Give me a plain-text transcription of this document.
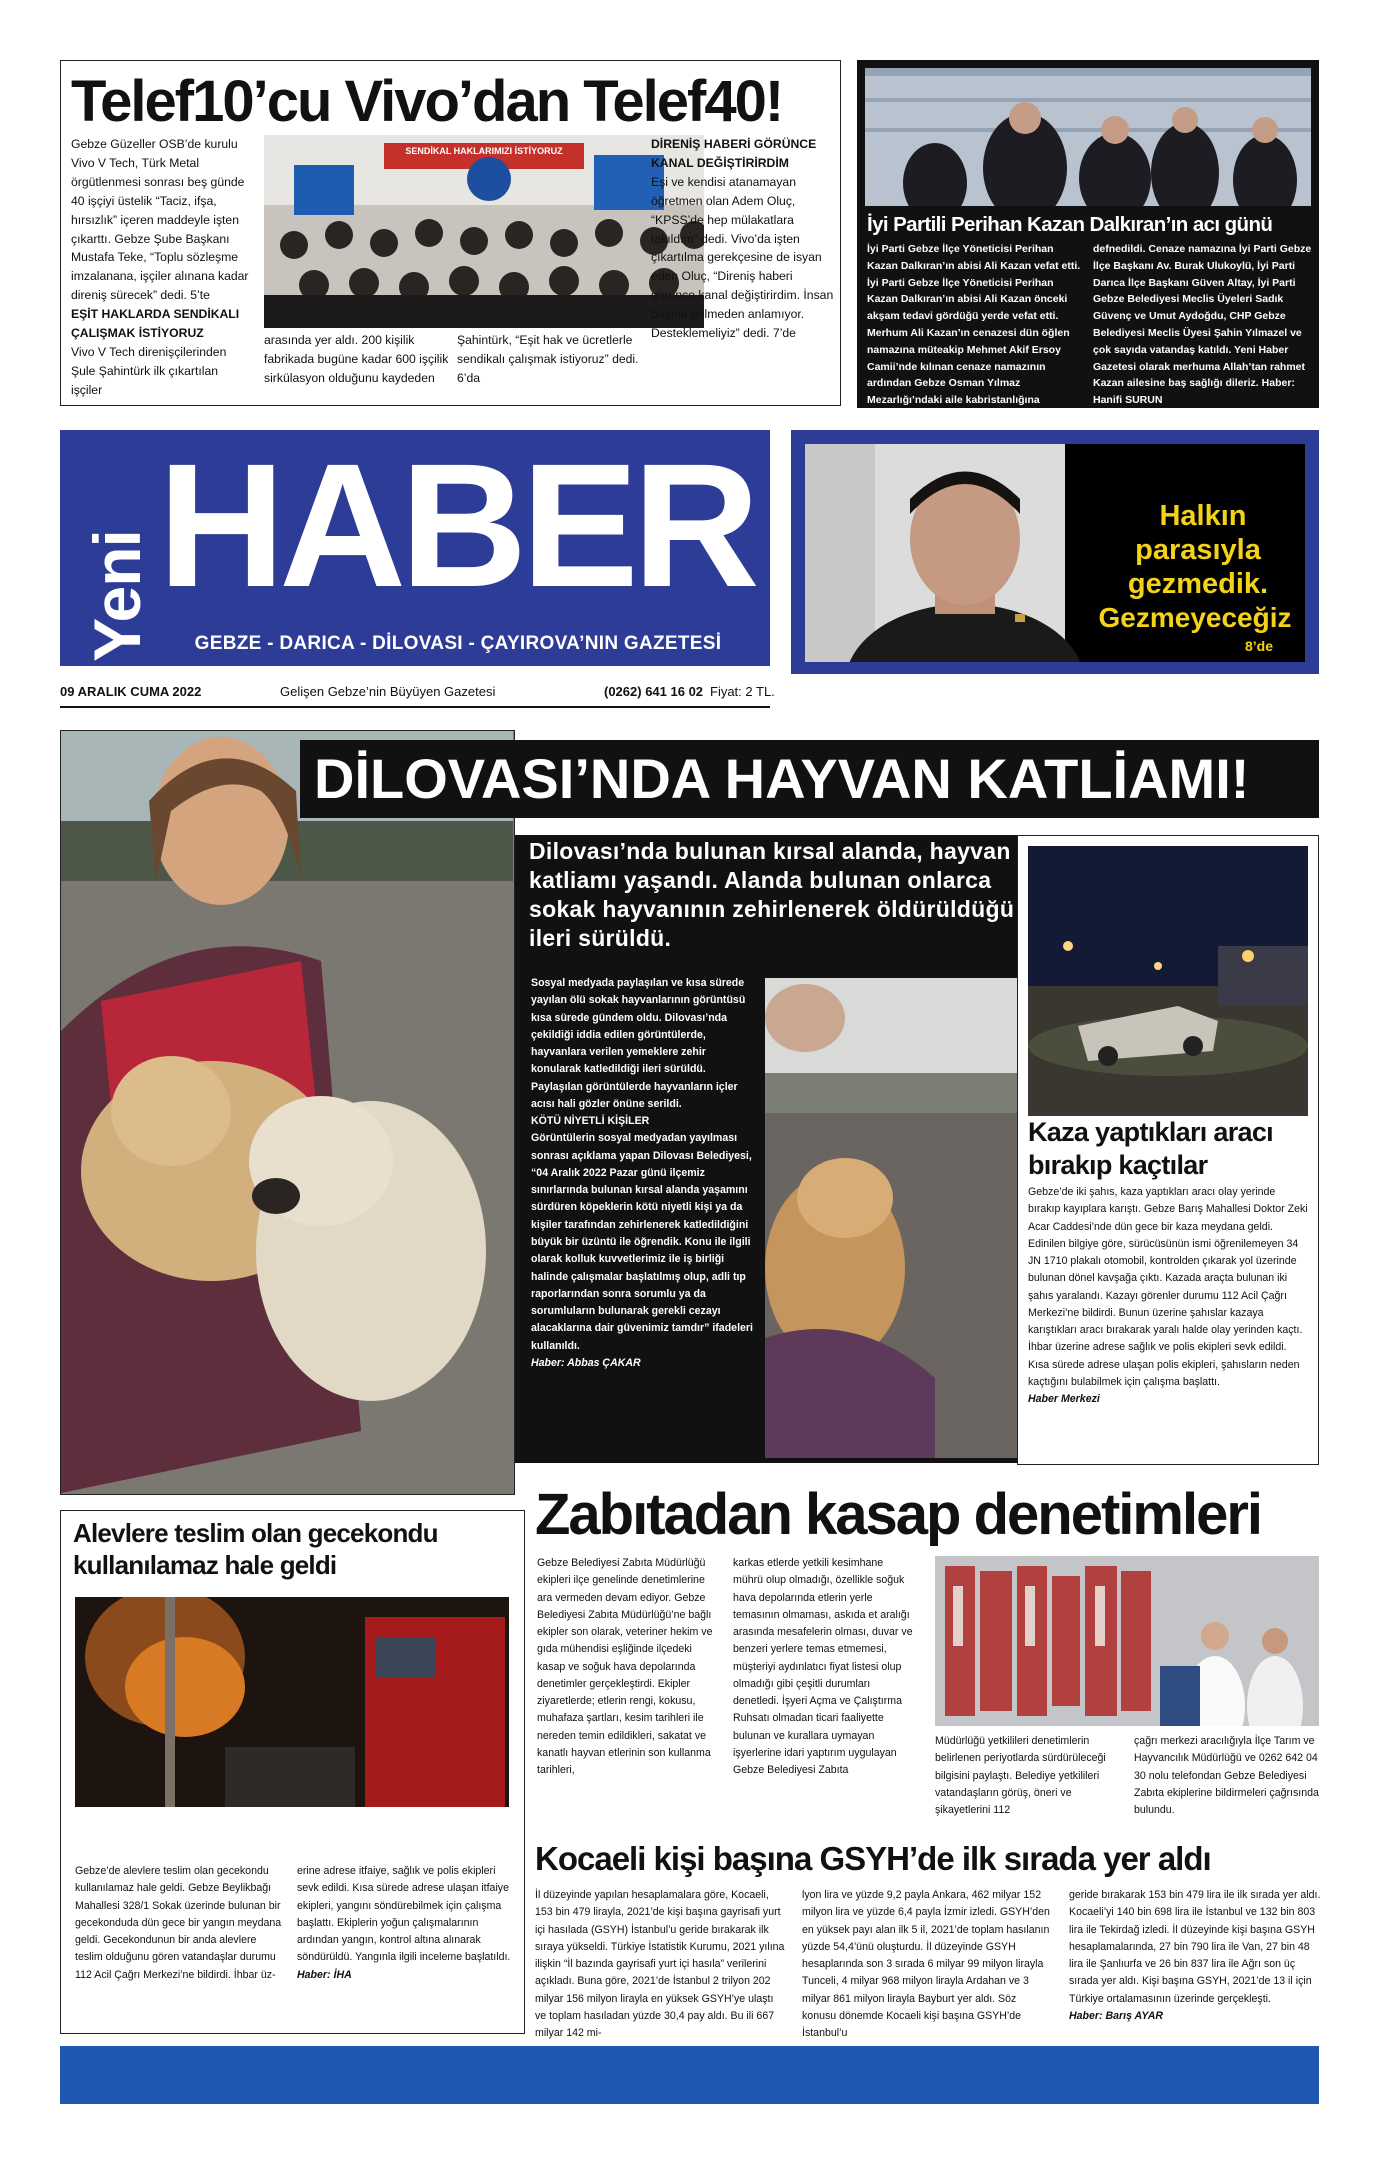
Telef10’cu Vivo’dan Telef40!
Gebze Güzeller OSB’de kurulu Vivo V Tech, Türk Metal örgütlenmesi sonrası beş günde 40 işçiyi üstelik “Taciz, ifşa, hırsızlık” içeren maddeyle işten çıkarttı. Gebze Şube Başkanı Mustafa Teke, “Toplu sözleşme imzalanana, işçiler alınana kadar direniş sürecek” dedi. 5’te
EŞİT HAKLARDA SENDİKALI ÇALIŞMAK İSTİYORUZ
Vivo V Tech direnişçilerinden Şule Şahintürk ilk çıkartılan işçiler
SENDİKAL HAKLARIMIZI İSTİYORUZ
arasında yer aldı. 200 kişilik fabrikada bugüne kadar 600 işçilik sirkülasyon olduğunu kaydeden
Şahintürk, “Eşit hak ve ücretlerle sendikalı çalışmak istiyoruz” dedi. 6’da
DİRENİŞ HABERİ GÖRÜNCE KANAL DEĞİŞTİRİRDİM
Eşi ve kendisi atanamayan öğretmen olan Adem Oluç, “KPSS’de hep mülakatlara takıldım” dedi. Vivo’da işten çıkartılma gerekçesine de isyan eden Oluç, “Direniş haberi görünce kanal değiştirirdim. İnsan başına gelmeden anlamıyor. Desteklemeliyiz” dedi. 7’de
İyi Partili Perihan Kazan Dalkıran’ın acı günü
İyi Parti Gebze İlçe Yöneticisi Perihan Kazan Dalkıran’ın abisi Ali Kazan vefat etti. İyi Parti Gebze İlçe Yöneticisi Perihan Kazan Dalkıran’ın abisi Ali Kazan önceki akşam tedavi gördüğü yerde vefat etti. Merhum Ali Kazan’ın cenazesi dün öğlen namazına müteakip Mehmet Akif Ersoy Camii’nde kılınan cenaze namazının ardından Gebze Osman Yılmaz Mezarlığı’ndaki aile kabristanlığına
defnedildi. Cenaze namazına İyi Parti Gebze İlçe Başkanı Av. Burak Ulukoylü, İyi Parti Darıca İlçe Başkanı Güven Altay, İyi Parti Gebze Belediyesi Meclis Üyeleri Sadık Güvenç ve Umut Aydoğdu, CHP Gebze Belediyesi Meclis Üyesi Şahin Yılmazel ve çok sayıda vatandaş katıldı. Yeni Haber Gazetesi olarak merhuma Allah’tan rahmet Kazan ailesine baş sağlığı dileriz. Haber: Hanifi SURUN
Yeni HABER
GEBZE - DARICA - DİLOVASI - ÇAYIROVA’NIN GAZETESİ
09 ARALIK CUMA 2022	Gelişen Gebze’nin Büyüyen Gazetesi	(0262) 641 16 02 Fiyat: 2 TL.
Halkın
parasıyla
gezmedik.
Gezmeyeceğiz
8’de
DİLOVASI’NDA HAYVAN KATLİAMI!
Dilovası’nda bulunan kırsal alanda, hayvan katliamı yaşandı. Alanda bulunan onlarca sokak hayvanının zehirlenerek öldürüldüğü ileri sürüldü.
Sosyal medyada paylaşılan ve kısa sürede yayılan ölü sokak hayvanlarının görüntüsü kısa sürede gündem oldu. Dilovası’nda çekildiği iddia edilen görüntülerde, hayvanlara verilen yemeklere zehir konularak katledildiği ileri sürüldü. Paylaşılan görüntülerde hayvanların içler acısı hali gözler önüne serildi.
KÖTÜ NİYETLİ KİŞİLER
Görüntülerin sosyal medyadan yayılması sonrası açıklama yapan Dilovası Belediyesi, “04 Aralık 2022 Pazar günü ilçemiz sınırlarında bulunan kırsal alanda yaşamını sürdüren köpeklerin kötü niyetli kişi ya da kişiler tarafından zehirlenerek katledildiğini büyük bir üzüntü ile öğrendik. Konu ile ilgili olarak kolluk kuvvetlerimiz ile iş birliği halinde çalışmalar başlatılmış olup, adli tıp raporlarından sonra sorumlu ya da sorumluların bulunarak gerekli cezayı alacaklarına dair güvenimiz tamdır” ifadeleri kullanıldı.
Haber: Abbas ÇAKAR
Kaza yaptıkları aracı bırakıp kaçtılar
Gebze’de iki şahıs, kaza yaptıkları aracı olay yerinde bırakıp kayıplara karıştı. Gebze Barış Mahallesi Doktor Zeki Acar Caddesi’nde dün gece bir kaza meydana geldi. Edinilen bilgiye göre, sürücüsünün ismi öğrenilemeyen 34 JN 1710 plakalı otomobil, kontrolden çıkarak yol üzerinde bulunan dönel kavşağa çıktı. Kazada araçta bulunan iki şahıs yaralandı. Kazayı görenler durumu 112 Acil Çağrı Merkezi’ne bildirdi. Bunun üzerine şahıslar kazaya karıştıkları aracı bırakarak yaralı halde olay yerinden kaçtı. İhbar üzerine adrese sağlık ve polis ekipleri sevk edildi. Kısa sürede adrese ulaşan polis ekipleri, şahısların neden kaçtığını bulabilmek için çalışma başlattı.
Haber Merkezi
Alevlere teslim olan gecekondu kullanılamaz hale geldi
Gebze’de alevlere teslim olan gecekondu kullanılamaz hale geldi. Gebze Beylikbağı Mahallesi 328/1 Sokak üzerinde bulunan bir gecekonduda dün gece bir yangın meydana geldi. Gecekondunun bir anda alevlere teslim olduğunu gören vatandaşlar durumu 112 Acil Çağrı Merkezi’ne bildirdi. İhbar üz-
erine adrese itfaiye, sağlık ve polis ekipleri sevk edildi. Kısa sürede adrese ulaşan itfaiye ekipleri, yangını söndürebilmek için çalışma başlattı. Ekiplerin yoğun çalışmalarının ardından yangın, kontrol altına alınarak söndürüldü. Yangınla ilgili inceleme başlatıldı.
Haber: İHA
Zabıtadan kasap denetimleri
Gebze Belediyesi Zabıta Müdürlüğü ekipleri ilçe genelinde denetimlerine ara vermeden devam ediyor. Gebze Belediyesi Zabıta Müdürlüğü’ne bağlı ekipler son olarak, veteriner hekim ve gıda mühendisi eşliğinde ilçedeki kasap ve soğuk hava depolarında denetimler gerçekleştirdi. Ekipler ziyaretlerde; etlerin rengi, kokusu, muhafaza şartları, kesim tarihleri ile nereden temin edildikleri, sakatat ve kanatlı hayvan etlerinin son kullanma tarihleri,
karkas etlerde yetkili kesimhane mührü olup olmadığı, özellikle soğuk hava depolarında etlerin yerle temasının olmaması, askıda et aralığı arasında mesafelerin olması, duvar ve benzeri yerlere temas etmemesi, müşteriyi aydınlatıcı fiyat listesi olup olmadığı gibi çeşitli durumları denetledi. İşyeri Açma ve Çalıştırma Ruhsatı olmadan ticari faaliyette bulunan ve kurallara uymayan işyerlerine idari yaptırım uygulayan Gebze Belediyesi Zabıta
Müdürlüğü yetkilileri denetimlerin belirlenen periyotlarda sürdürüleceği bilgisini paylaştı. Belediye yetkilileri vatandaşların görüş, öneri ve şikayetlerini 112
çağrı merkezi aracılığıyla İlçe Tarım ve Hayvancılık Müdürlüğü ve 0262 642 04 30 nolu telefondan Gebze Belediyesi Zabıta ekiplerine bildirmeleri çağrısında bulundu.
Kocaeli kişi başına GSYH’de ilk sırada yer aldı
İl düzeyinde yapılan hesaplamalara göre, Kocaeli, 153 bin 479 lirayla, 2021’de kişi başına gayrisafi yurt içi hasılada (GSYH) İstanbul’u geride bırakarak ilk sıraya yükseldi. Türkiye İstatistik Kurumu, 2021 yılına ilişkin “İl bazında gayrisafi yurt içi hasıla” verilerini açıkladı. Buna göre, 2021’de İstanbul 2 trilyon 202 milyar 156 milyon lirayla en yüksek GSYH’ye ulaştı ve toplam hasıladan yüzde 30,4 pay aldı. Bu ili 667 milyar 142 mi-
lyon lira ve yüzde 9,2 payla Ankara, 462 milyar 152 milyon lira ve yüzde 6,4 payla İzmir izledi. GSYH’den en yüksek payı alan ilk 5 il, 2021’de toplam hasılanın yüzde 54,4’ünü oluşturdu. İl düzeyinde GSYH hesaplarında son 3 sırada 6 milyar 99 milyon lirayla Tunceli, 4 milyar 968 milyon lirayla Ardahan ve 3 milyar 861 milyon lirayla Bayburt yer aldı. Söz konusu dönemde Kocaeli kişi başına GSYH’de İstanbul’u
geride bırakarak 153 bin 479 lira ile ilk sırada yer aldı. Kocaeli’yi 140 bin 698 lira ile İstanbul ve 132 bin 803 lira ile Tekirdağ izledi. İl düzeyinde kişi başına GSYH hesaplamalarında, 27 bin 790 lira ile Van, 27 bin 48 lira ile Şanlıurfa ve 26 bin 837 lira ile Ağrı son üç sırada yer aldı. Kişi başına GSYH, 2021’de 13 il için Türkiye ortalamasının üzerinde gerçekleşti.
Haber: Barış AYAR
